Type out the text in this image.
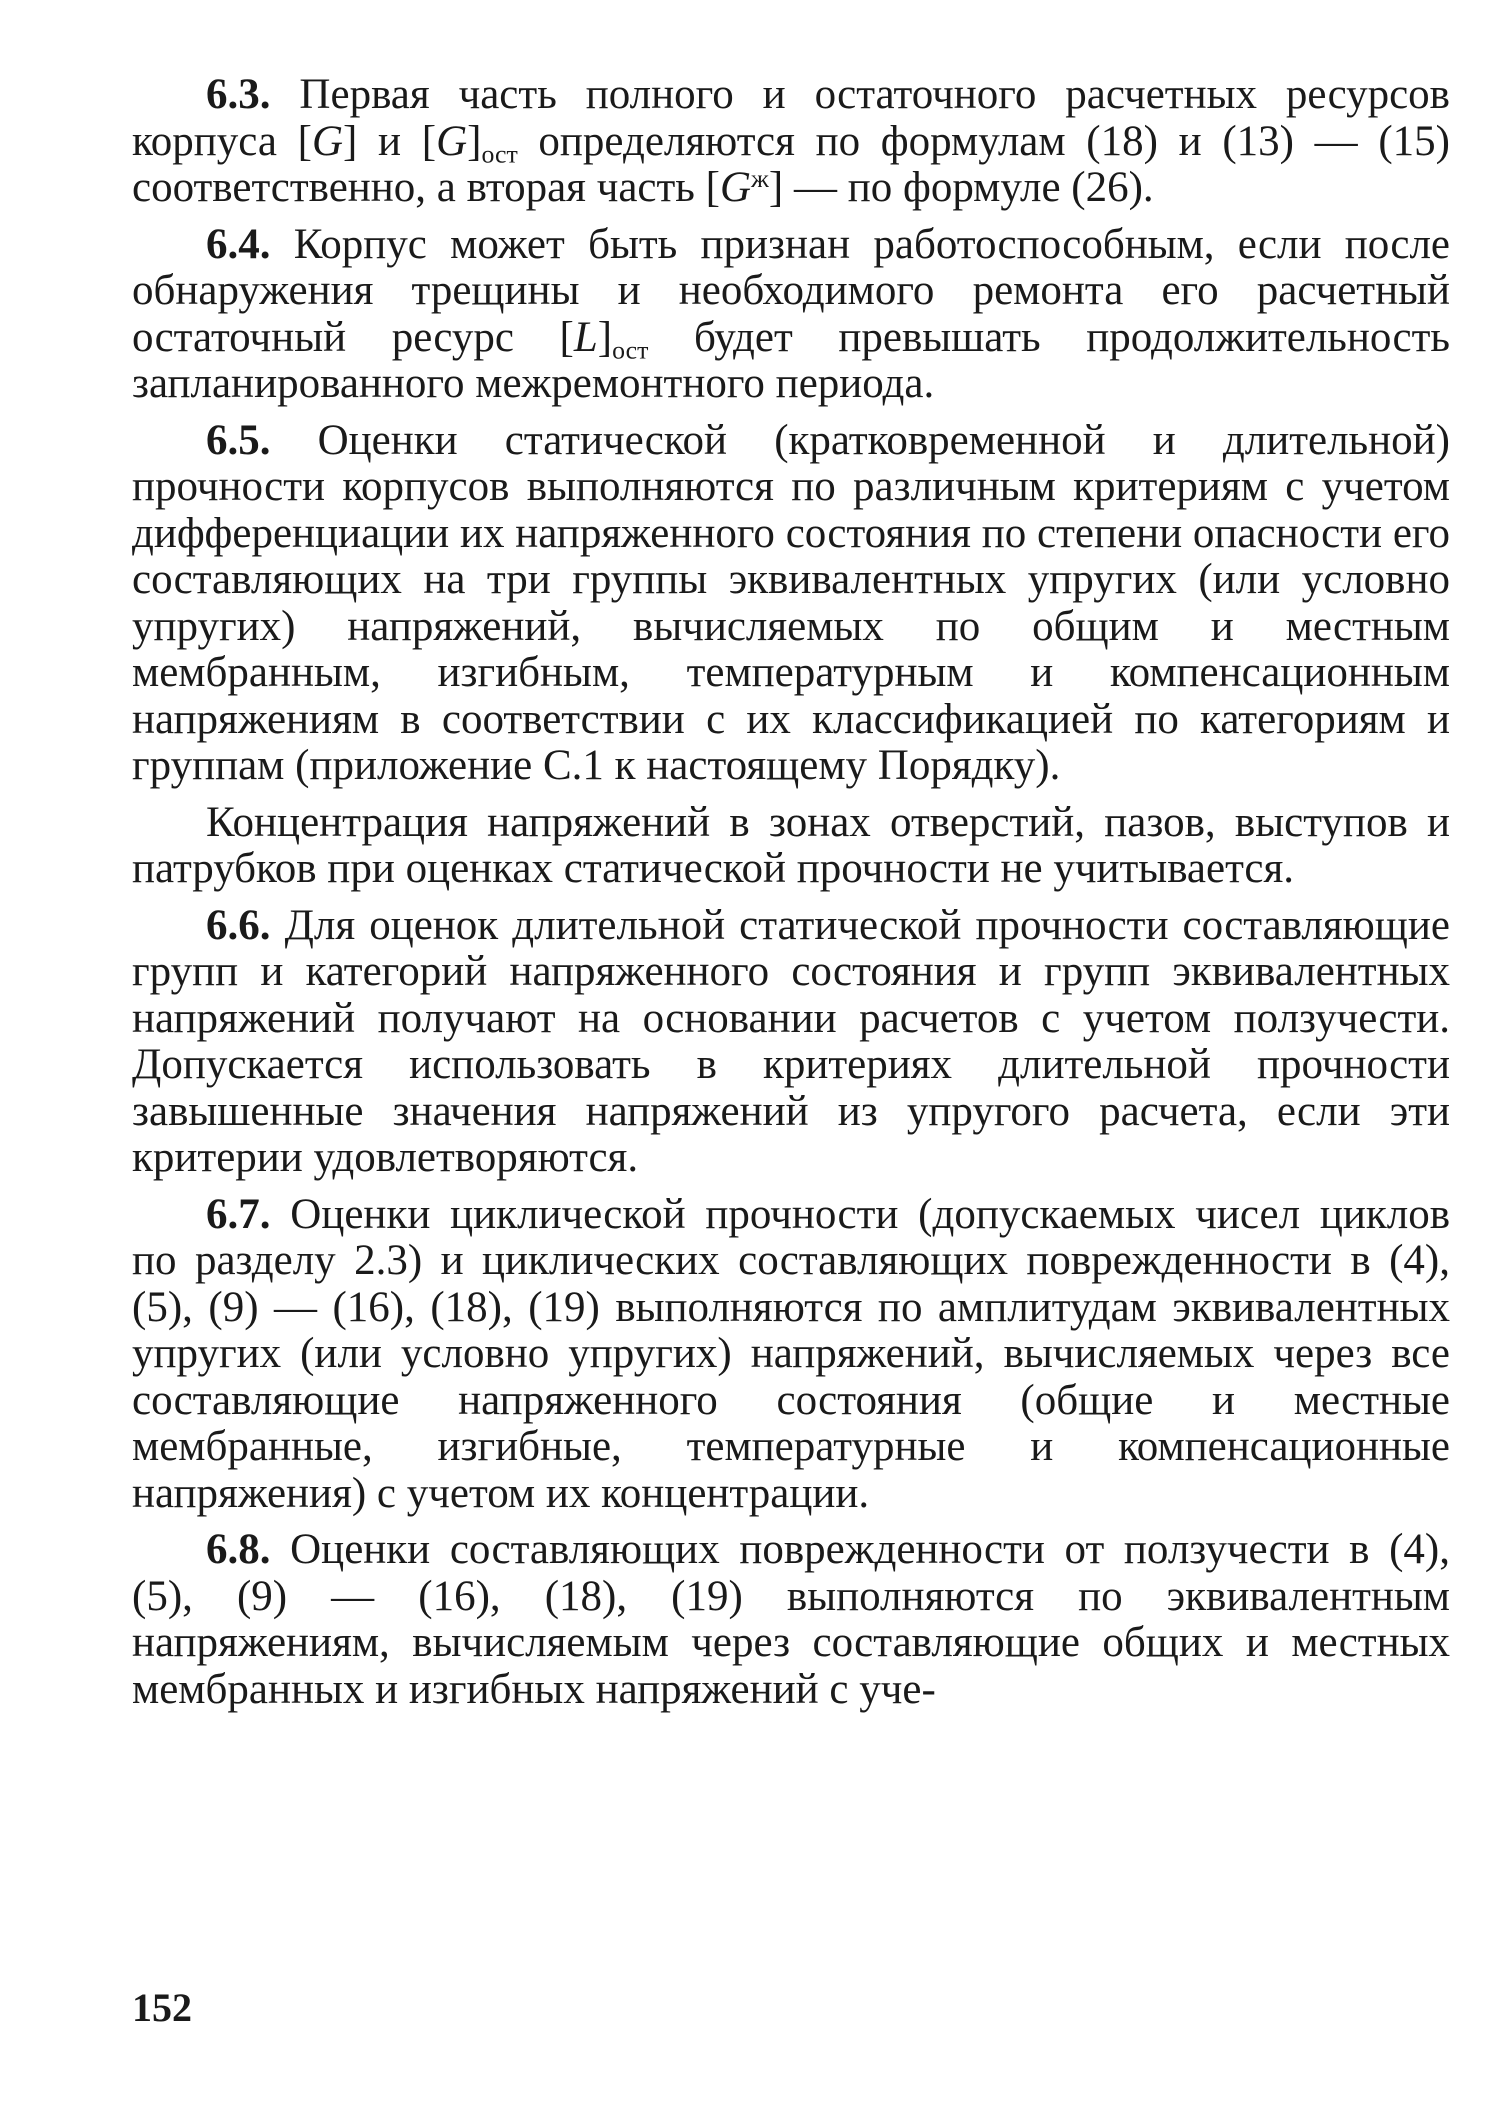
6.3. Первая часть полного и остаточного расчетных ресурсов корпуса [G] и $[G]_{ост}$ определяются по формулам (18) и (13) — (15) соответственно, а вторая часть $[G^ж]$ — по формуле (26).

6.4. Корпус может быть признан работоспособным, если после обнаружения трещины и необходимого ремонта его расчетный остаточный ресурс $[L]_{ост}$ будет превышать продолжительность запланированного межремонтного периода.

6.5. Оценки статической (кратковременной и длительной) прочности корпусов выполняются по различным критериям с учетом дифференциации их напряженного состояния по степени опасности его составляющих на три группы эквивалентных упругих (или условно упругих) напряжений, вычисляемых по общим и местным мембранным, изгибным, температурным и компенсационным напряжениям в соответствии с их классификацией по категориям и группам (приложение С.1 к настоящему Порядку).

Концентрация напряжений в зонах отверстий, пазов, выступов и патрубков при оценках статической прочности не учитывается.

6.6. Для оценок длительной статической прочности составляющие групп и категорий напряженного состояния и групп эквивалентных напряжений получают на основании расчетов с учетом ползучести. Допускается использовать в критериях длительной прочности завышенные значения напряжений из упругого расчета, если эти критерии удовлетворяются.

6.7. Оценки циклической прочности (допускаемых чисел циклов по разделу 2.3) и циклических составляющих поврежденности в (4), (5), (9) — (16), (18), (19) выполняются по амплитудам эквивалентных упругих (или условно упругих) напряжений, вычисляемых через все составляющие напряженного состояния (общие и местные мембранные, изгибные, температурные и компенсационные напряжения) с учетом их концентрации.

6.8. Оценки составляющих поврежденности от ползучести в (4), (5), (9) — (16), (18), (19) выполняются по эквивалентным напряжениям, вычисляемым через составляющие общих и местных мембранных и изгибных напряжений с уче-

152
